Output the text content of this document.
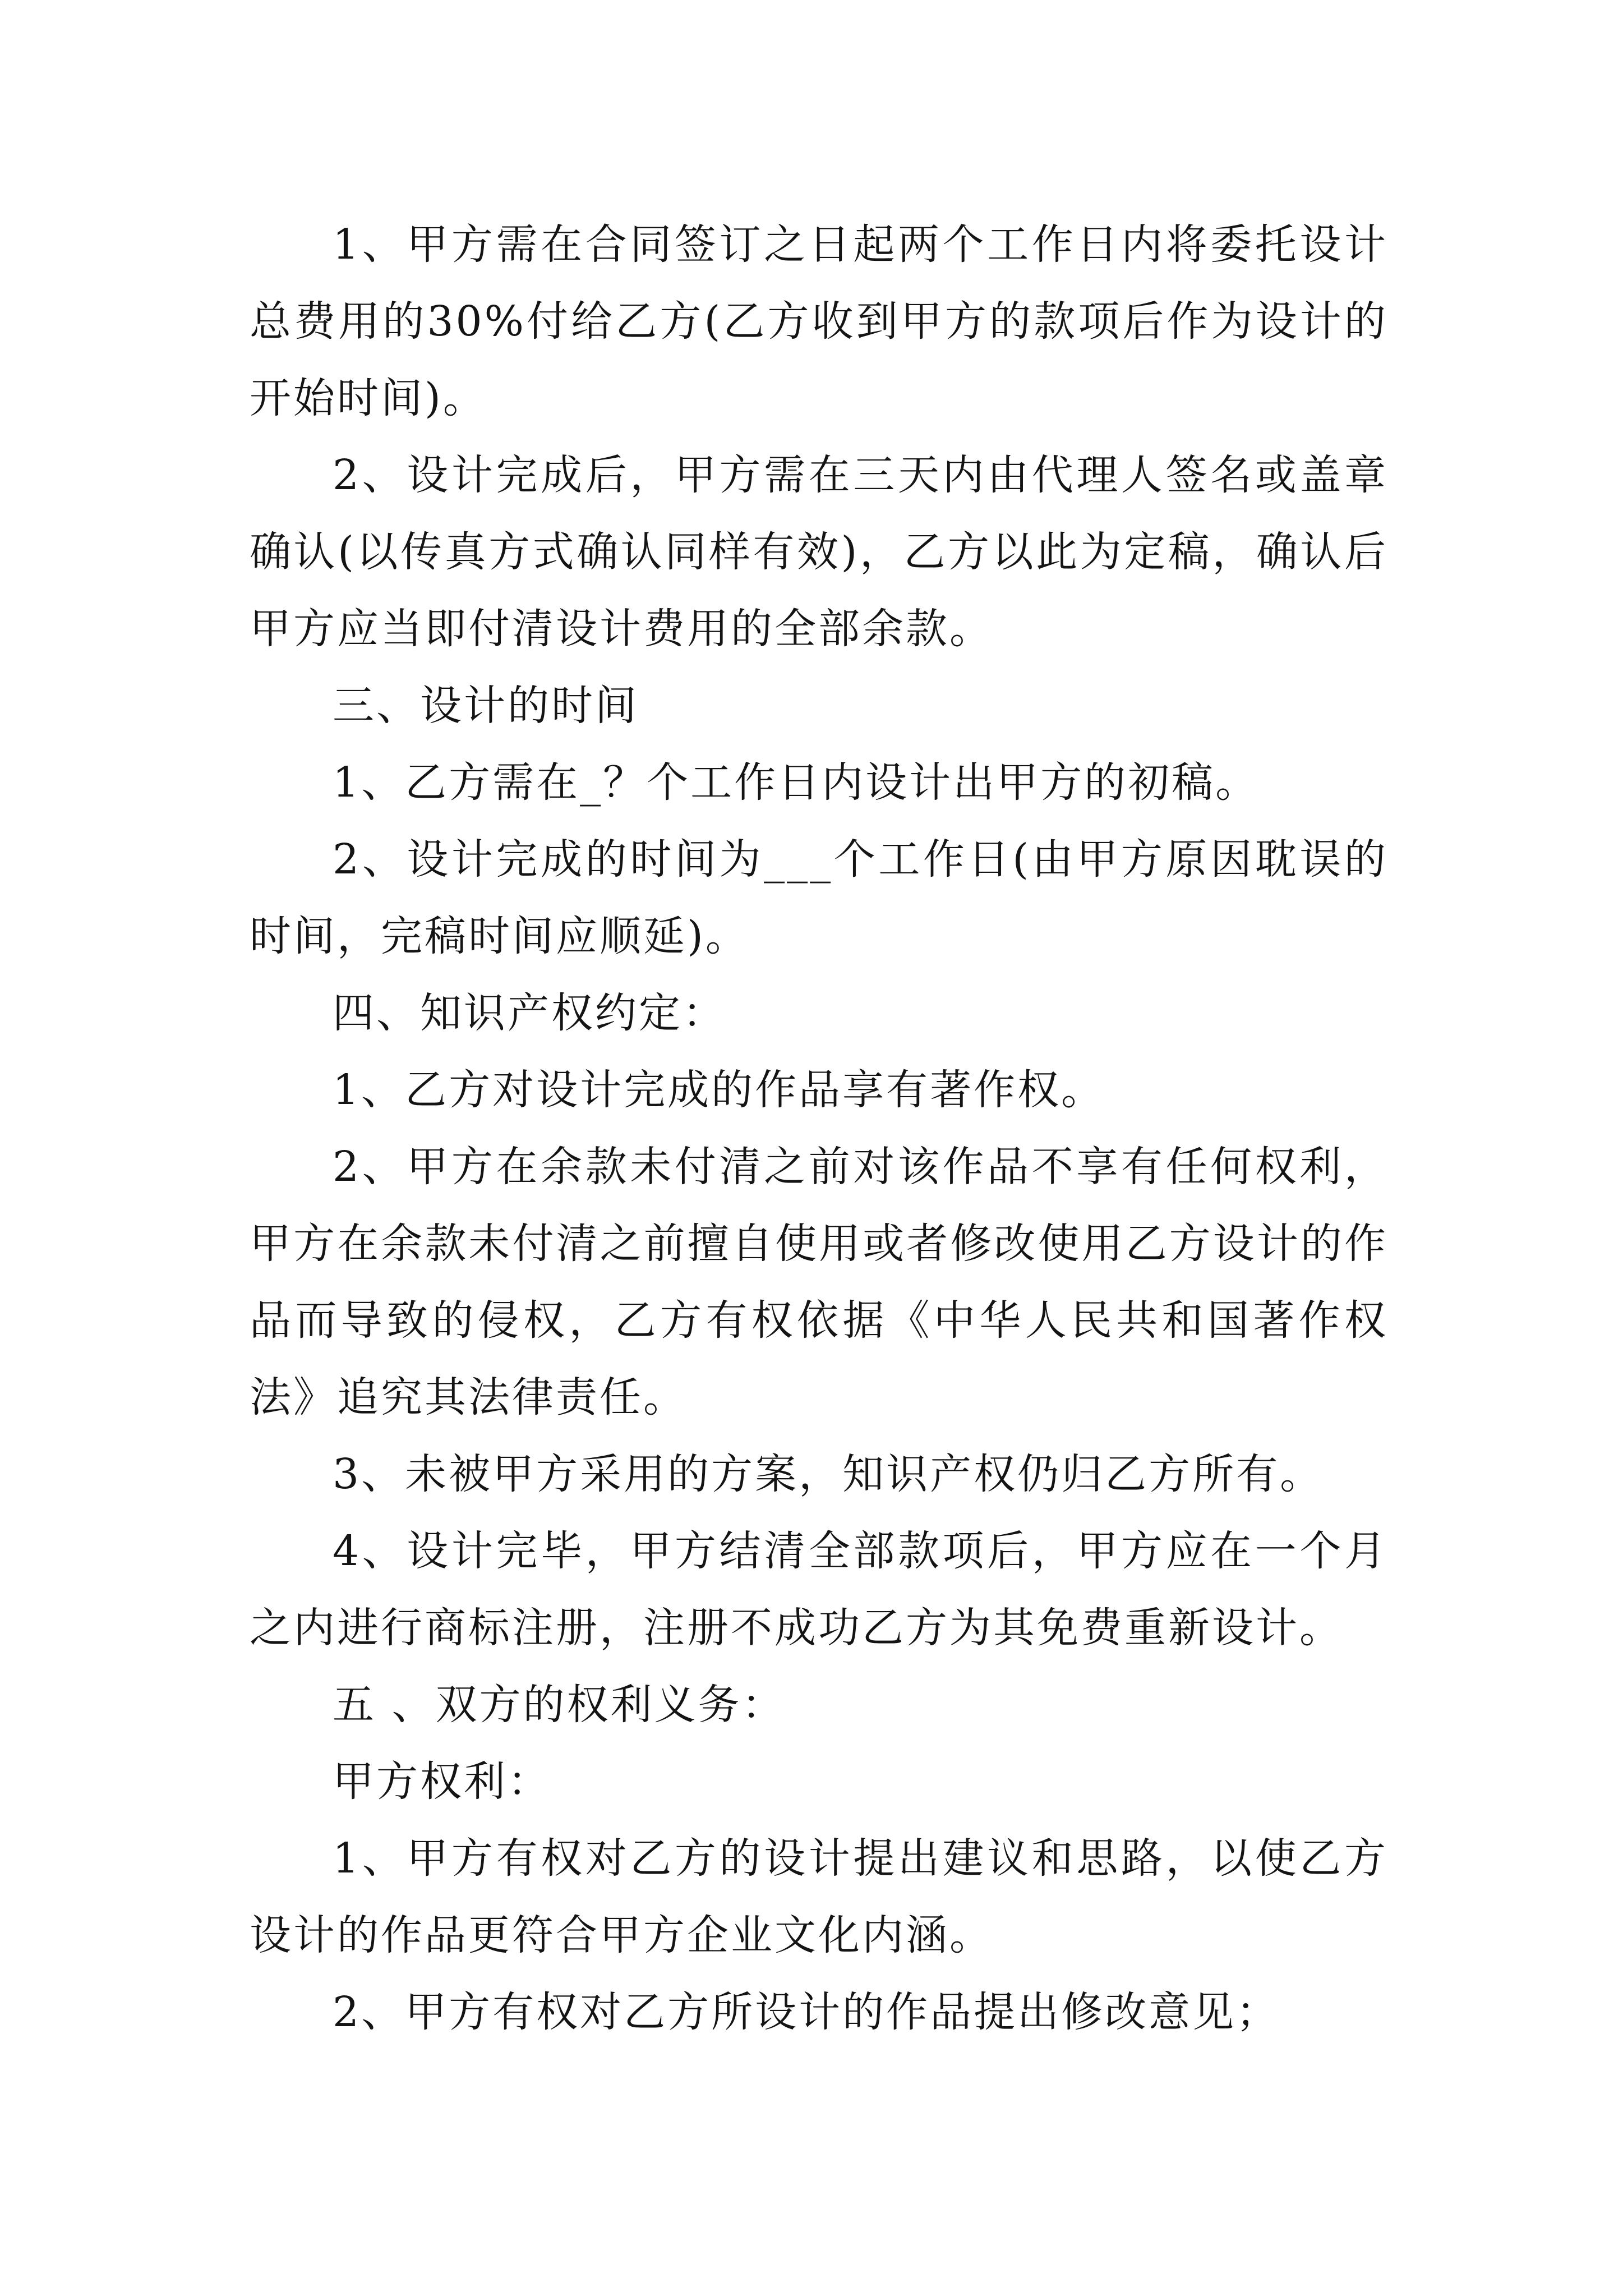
1、甲方需在合同签订之日起两个工作日内将委托设计总费用的30%付给乙方(乙方收到甲方的款项后作为设计的开始时间)。

2、设计完成后，甲方需在三天内由代理人签名或盖章确认(以传真方式确认同样有效)，乙方以此为定稿，确认后甲方应当即付清设计费用的全部余款。

三、设计的时间

1、乙方需在_？个工作日内设计出甲方的初稿。

2、设计完成的时间为___个工作日(由甲方原因耽误的时间，完稿时间应顺延)。

四、知识产权约定：

1、乙方对设计完成的作品享有著作权。

2、甲方在余款未付清之前对该作品不享有任何权利，甲方在余款未付清之前擅自使用或者修改使用乙方设计的作品而导致的侵权，乙方有权依据《中华人民共和国著作权法》追究其法律责任。

3、未被甲方采用的方案，知识产权仍归乙方所有。

4、设计完毕，甲方结清全部款项后，甲方应在一个月之内进行商标注册，注册不成功乙方为其免费重新设计。

五 、双方的权利义务：

甲方权利：

1、甲方有权对乙方的设计提出建议和思路，以使乙方设计的作品更符合甲方企业文化内涵。

2、甲方有权对乙方所设计的作品提出修改意见；
